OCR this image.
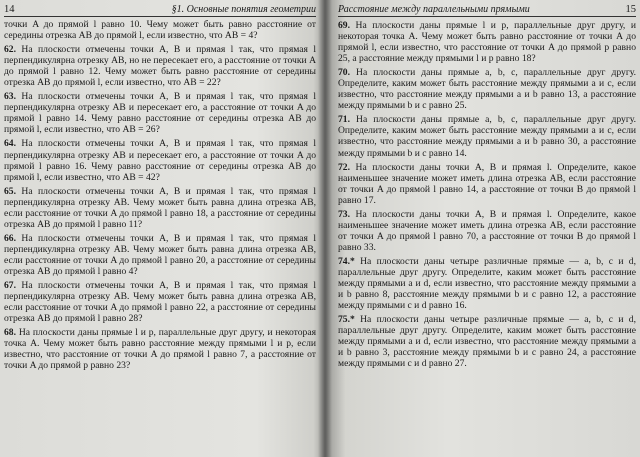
14	§1. Основные понятия геометрии

точки A до прямой l равно 10. Чему может быть равно расстояние от середины отрезка AB до прямой l, если известно, что AB = 4?

62. На плоскости отмечены точки A, B и прямая l так, что прямая l перпендикулярна отрезку AB, но не пересекает его, а расстояние от точки A до прямой l равно 12. Чему может быть равно расстояние от середины отрезка AB до прямой l, если известно, что AB = 22?

63. На плоскости отмечены точки A, B и прямая l так, что прямая l перпендикулярна отрезку AB и пересекает его, а расстояние от точки A до прямой l равно 14. Чему равно расстояние от середины отрезка AB до прямой l, если известно, что AB = 26?

64. На плоскости отмечены точки A, B и прямая l так, что прямая l перпендикулярна отрезку AB и пересекает его, а расстояние от точки A до прямой l равно 16. Чему равно расстояние от середины отрезка AB до прямой l, если известно, что AB = 42?

65. На плоскости отмечены точки A, B и прямая l так, что прямая l перпендикулярна отрезку AB. Чему может быть равна длина отрезка AB, если расстояние от точки A до прямой l равно 18, а расстояние от середины отрезка AB до прямой l равно 11?

66. На плоскости отмечены точки A, B и прямая l так, что прямая l перпендикулярна отрезку AB. Чему может быть равна длина отрезка AB, если расстояние от точки A до прямой l равно 20, а расстояние от середины отрезка AB до прямой l равно 4?

67. На плоскости отмечены точки A, B и прямая l так, что прямая l перпендикулярна отрезку AB. Чему может быть равна длина отрезка AB, если расстояние от точки A до прямой l равно 22, а расстояние от середины отрезка AB до прямой l равно 28?

68. На плоскости даны прямые l и p, параллельные друг другу, и некоторая точка A. Чему может быть равно расстояние между прямыми l и p, если известно, что расстояние от точки A до прямой l равно 7, а расстояние от точки A до прямой p равно 23?

Расстояние между параллельными прямыми	15

69. На плоскости даны прямые l и p, параллельные друг другу, и некоторая точка A. Чему может быть равно расстояние от точки A до прямой l, если известно, что расстояние от точки A до прямой p равно 25, а расстояние между прямыми l и p равно 18?

70. На плоскости даны прямые a, b, c, параллельные друг другу. Определите, каким может быть расстояние между прямыми a и c, если известно, что расстояние между прямыми a и b равно 13, а расстояние между прямыми b и c равно 25.

71. На плоскости даны прямые a, b, c, параллельные друг другу. Определите, каким может быть расстояние между прямыми a и c, если известно, что расстояние между прямыми a и b равно 30, а расстояние между прямыми b и c равно 14.

72. На плоскости даны точки A, B и прямая l. Определите, какое наименьшее значение может иметь длина отрезка AB, если расстояние от точки A до прямой l равно 14, а расстояние от точки B до прямой l равно 17.

73. На плоскости даны точки A, B и прямая l. Определите, какое наименьшее значение может иметь длина отрезка AB, если расстояние от точки A до прямой l равно 70, а расстояние от точки B до прямой l равно 33.

74.* На плоскости даны четыре различные прямые — a, b, c и d, параллельные друг другу. Определите, каким может быть расстояние между прямыми a и d, если известно, что расстояние между прямыми a и b равно 8, расстояние между прямыми b и c равно 12, а расстояние между прямыми c и d равно 16.

75.* На плоскости даны четыре различные прямые — a, b, c и d, параллельные друг другу. Определите, каким может быть расстояние между прямыми a и d, если известно, что расстояние между прямыми a и b равно 3, расстояние между прямыми b и c равно 24, а расстояние между прямыми c и d равно 27.
